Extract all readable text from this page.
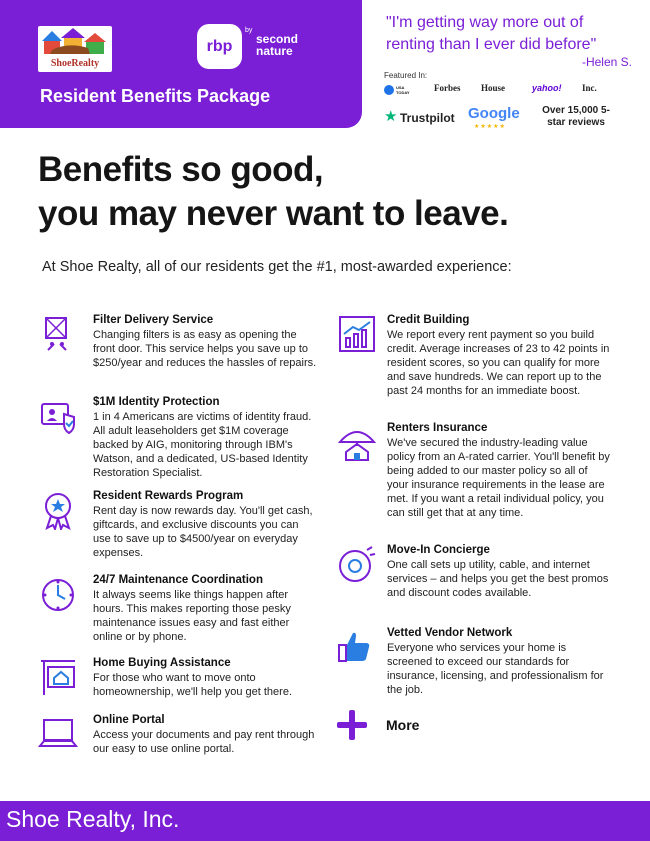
ShoeRealty
rbp
by
second nature
Resident Benefits Package
"I'm getting way more out of renting than I ever did before"
-Helen S.
Featured In:
USA TODAY	Forbes House	yahoo! Inc.
★ Trustpilot Google
★★★★★
Over 15,000 5-star reviews
Benefits so good,
you may never want to leave.
At Shoe Realty, all of our residents get the #1, most-awarded experience:
Filter Delivery Service
Changing filters is as easy as opening the front door. This service helps you save up to $250/year and reduces the hassles of repairs.
$1M Identity Protection
1 in 4 Americans are victims of identity fraud. All adult leaseholders get $1M coverage backed by AIG, monitoring through IBM's Watson, and a dedicated, US-based Identity Restoration Specialist.
Resident Rewards Program
Rent day is now rewards day. You'll get cash, giftcards, and exclusive discounts you can use to save up to $4500/year on everyday expenses.
24/7 Maintenance Coordination
It always seems like things happen after hours. This makes reporting those pesky maintenance issues easy and fast either online or by phone.
Home Buying Assistance
For those who want to move onto homeownership, we'll help you get there.
Online Portal
Access your documents and pay rent through our easy to use online portal.
Credit Building
We report every rent payment so you build credit. Average increases of 23 to 42 points in resident scores, so you can qualify for more and save hundreds. We can report up to the past 24 months for an immediate boost.
Renters Insurance
We've secured the industry-leading value policy from an A-rated carrier. You'll benefit by being added to our master policy so all of your insurance requirements in the lease are met. If you want a retail individual policy, you can still get that at any time.
Move-In Concierge
One call sets up utility, cable, and internet services – and helps you get the best promos and discount codes available.
Vetted Vendor Network
Everyone who services your home is screened to exceed our standards for insurance, licensing, and professionalism for the job.
More
Shoe Realty, Inc.
